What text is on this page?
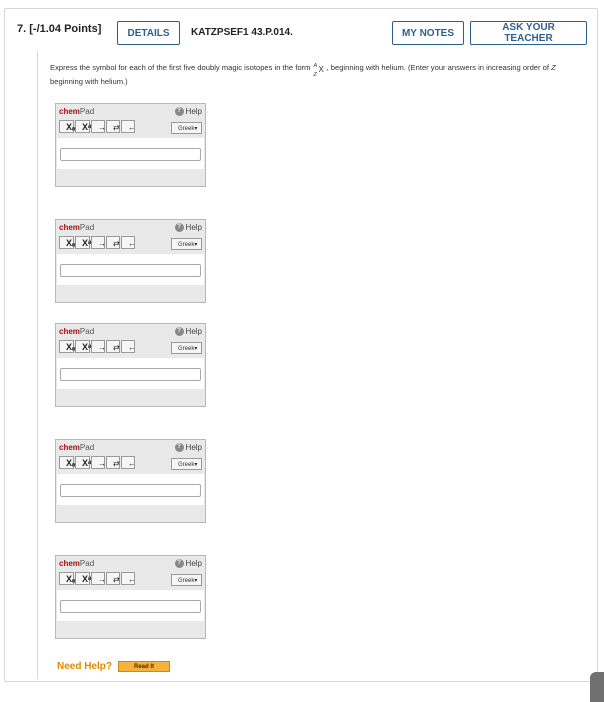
7. [-/1.04 Points]	DETAILS	KATZPSEF1 43.P.014.	MY NOTES	ASK YOUR TEACHER
Express the symbol for each of the first five doubly magic isotopes in the form A
Z
X , beginning with helium. (Enter your answers in increasing order of Z beginning with helium.)
chemPad	? Help
Xₐ Xᵃ → ⇄	←	Greek▾
chemPad	? Help
Xₐ Xᵃ → ⇄	←	Greek▾
chemPad	? Help
Xₐ Xᵃ → ⇄	←	Greek▾
chemPad	? Help
Xₐ Xᵃ → ⇄	←	Greek▾
chemPad	? Help
Xₐ Xᵃ → ⇄	←	Greek▾
Need Help?	Read It
